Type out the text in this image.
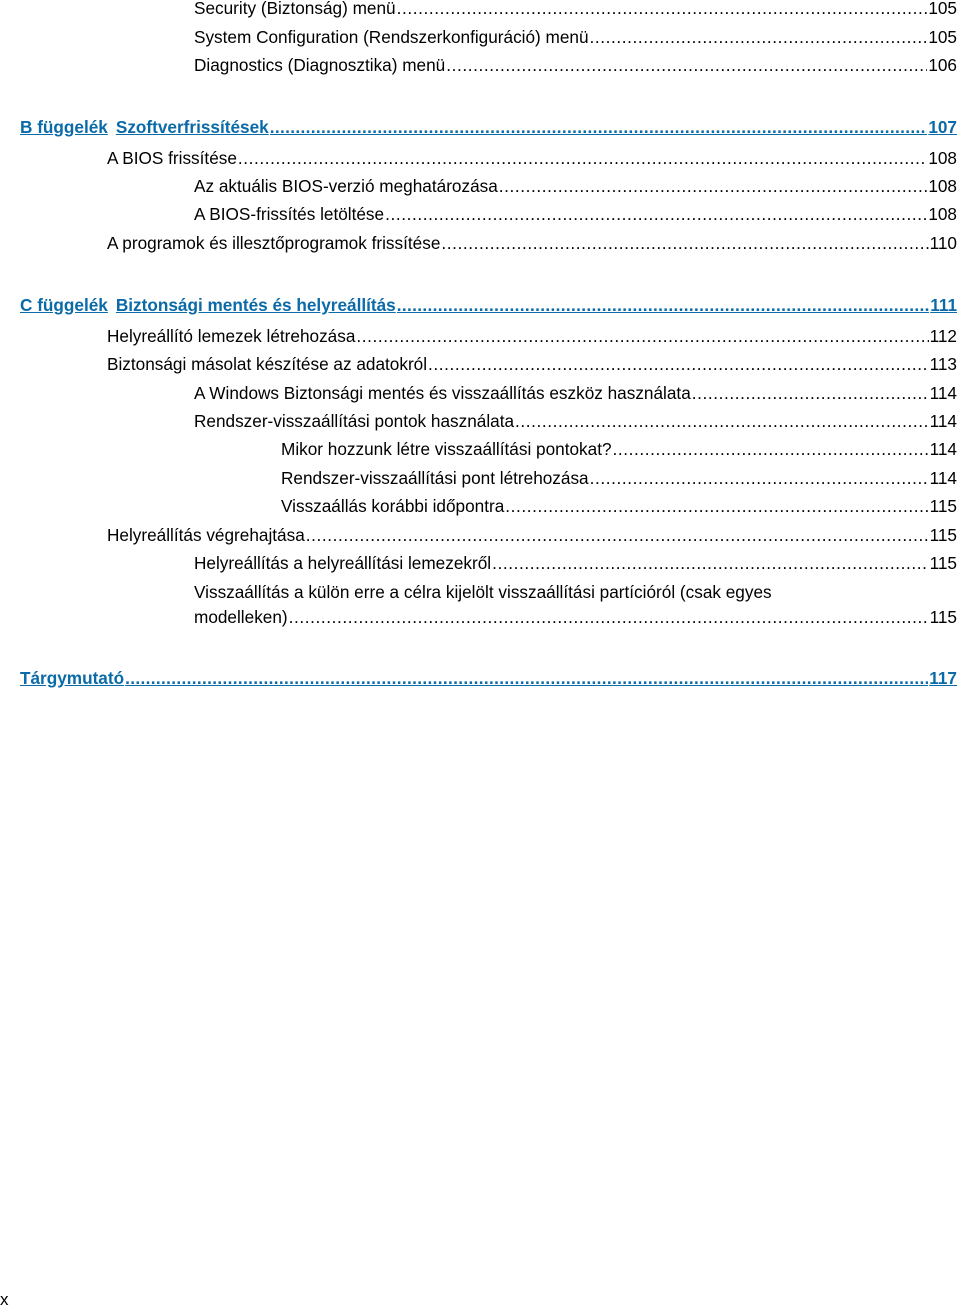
Security (Biztonság) menü .....	105
System Configuration (Rendszerkonfiguráció) menü .....	105
Diagnostics (Diagnosztika) menü .....	106
B függelék Szoftverfrissítések .....	107
A BIOS frissítése .....	108
Az aktuális BIOS-verzió meghatározása .....	108
A BIOS-frissítés letöltése .....	108
A programok és illesztőprogramok frissítése .....	110
C függelék Biztonsági mentés és helyreállítás .....	111
Helyreállító lemezek létrehozása .....	112
Biztonsági másolat készítése az adatokról .....	113
A Windows Biztonsági mentés és visszaállítás eszköz használata .....	114
Rendszer-visszaállítási pontok használata .....	114
Mikor hozzunk létre visszaállítási pontokat? .....	114
Rendszer-visszaállítási pont létrehozása .....	114
Visszaállás korábbi időpontra .....	115
Helyreállítás végrehajtása .....	115
Helyreállítás a helyreállítási lemezekről .....	115
Visszaállítás a külön erre a célra kijelölt visszaállítási partícióról (csak egyes
modelleken) .....	115
Tárgymutató .....	117
x
